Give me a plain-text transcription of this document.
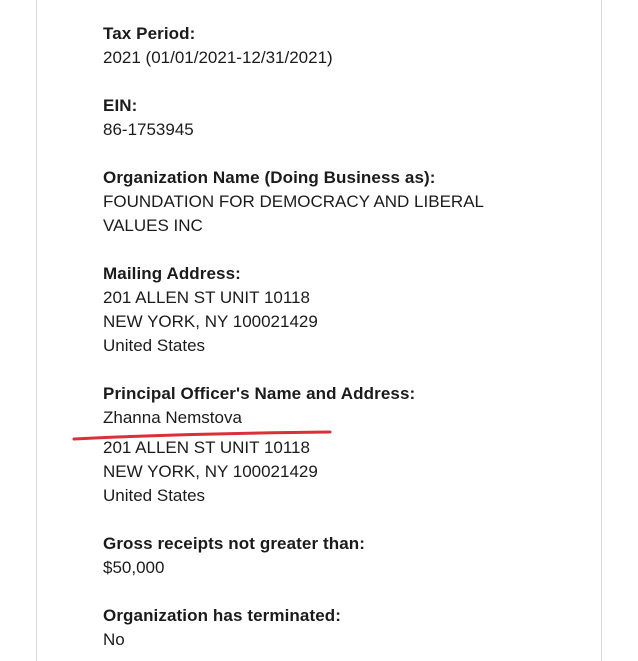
Tax Period:
2021 (01/01/2021-12/31/2021)
EIN:
86-1753945
Organization Name (Doing Business as):
FOUNDATION FOR DEMOCRACY AND LIBERAL
VALUES INC
Mailing Address:
201 ALLEN ST UNIT 10118
NEW YORK, NY 100021429
United States
Principal Officer's Name and Address:
Zhanna Nemstova
201 ALLEN ST UNIT 10118
NEW YORK, NY 100021429
United States
Gross receipts not greater than:
$50,000
Organization has terminated:
No
